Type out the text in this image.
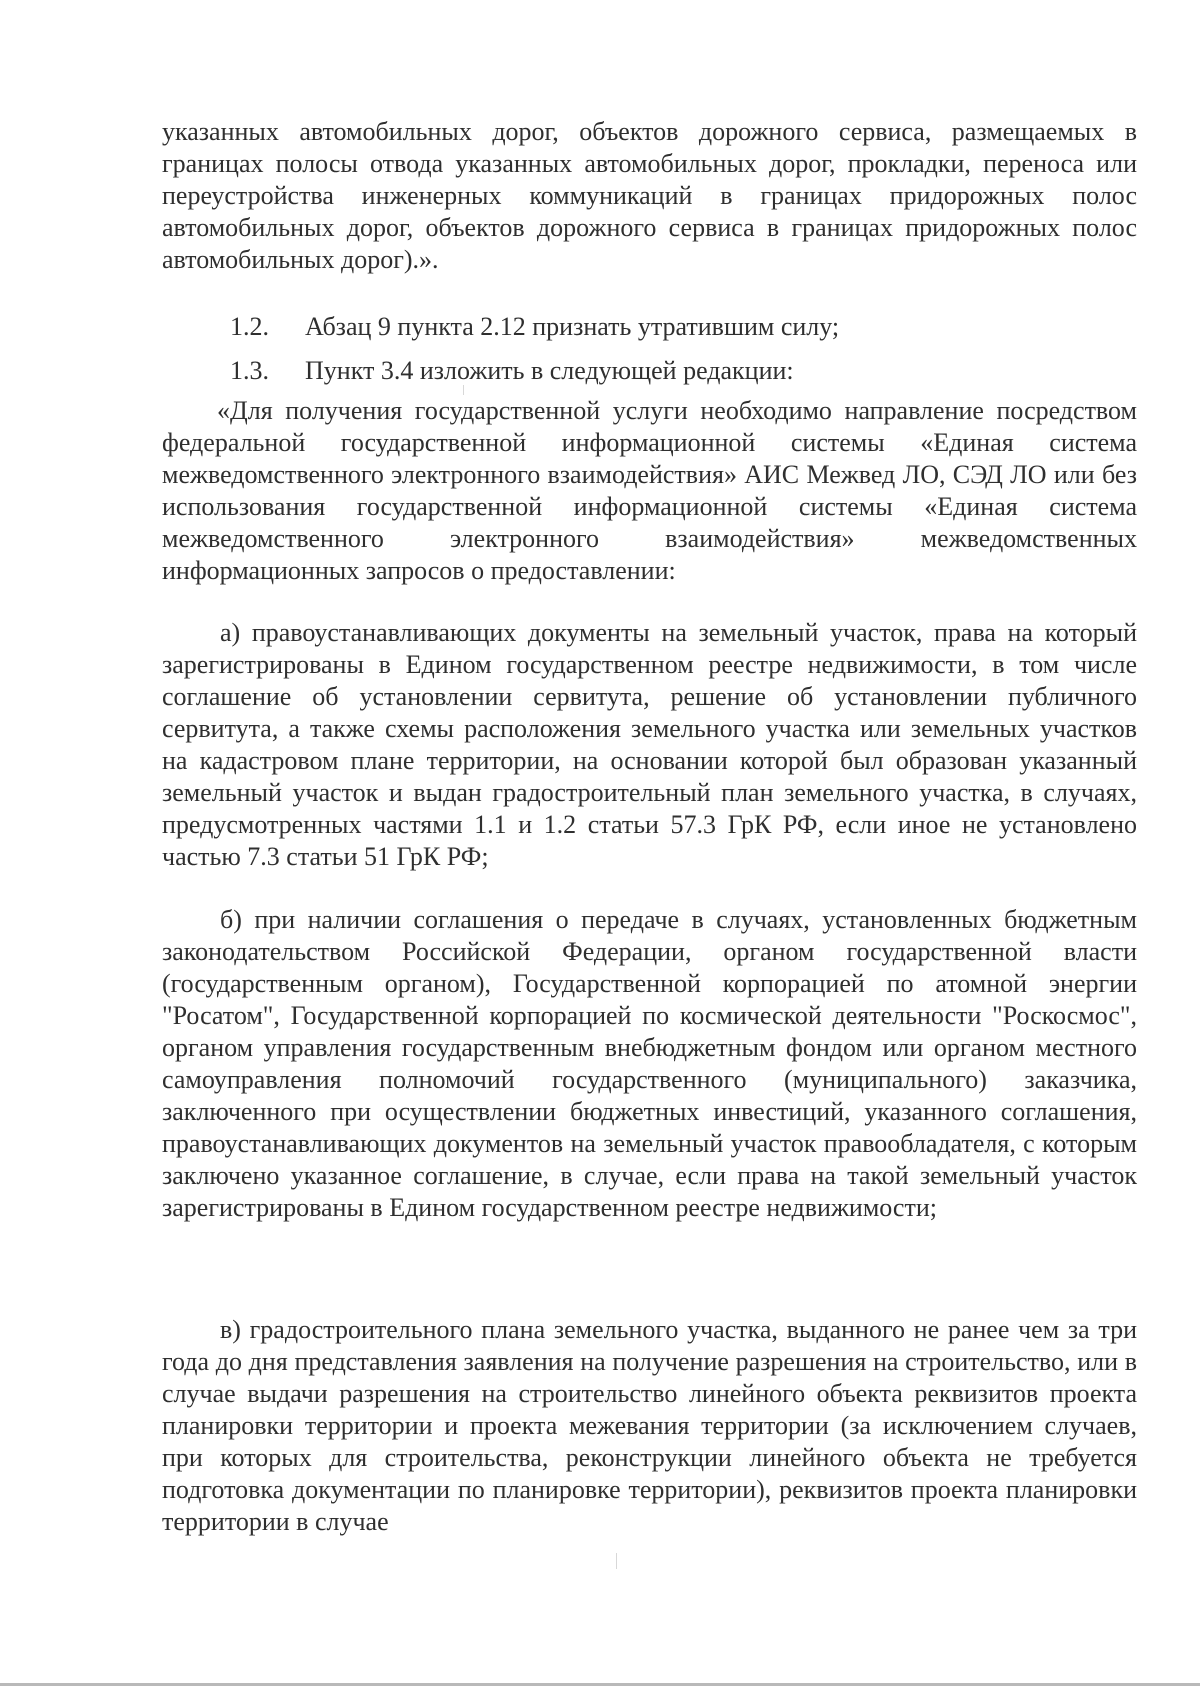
указанных автомобильных дорог, объектов дорожного сервиса, размещаемых в границах полосы отвода указанных автомобильных дорог, прокладки, переноса или переустройства инженерных коммуникаций в границах придорожных полос автомобильных дорог, объектов дорожного сервиса в границах придорожных полос автомобильных дорог).».

1.2. Абзац 9 пункта 2.12 признать утратившим силу;
1.3. Пункт 3.4 изложить в следующей редакции:

«Для получения государственной услуги необходимо направление посредством федеральной государственной информационной системы «Единая система межведомственного электронного взаимодействия» АИС Межвед ЛО, СЭД ЛО или без использования государственной информационной системы «Единая система межведомственного электронного взаимодействия» межведомственных информационных запросов о предоставлении:

а) правоустанавливающих документы на земельный участок, права на который зарегистрированы в Едином государственном реестре недвижимости, в том числе соглашение об установлении сервитута, решение об установлении публичного сервитута, а также схемы расположения земельного участка или земельных участков на кадастровом плане территории, на основании которой был образован указанный земельный участок и выдан градостроительный план земельного участка, в случаях, предусмотренных частями 1.1 и 1.2 статьи 57.3 ГрК РФ, если иное не установлено частью 7.3 статьи 51 ГрК РФ;

б) при наличии соглашения о передаче в случаях, установленных бюджетным законодательством Российской Федерации, органом государственной власти (государственным органом), Государственной корпорацией по атомной энергии "Росатом", Государственной корпорацией по космической деятельности "Роскосмос", органом управления государственным внебюджетным фондом или органом местного самоуправления полномочий государственного (муниципального) заказчика, заключенного при осуществлении бюджетных инвестиций, указанного соглашения, правоустанавливающих документов на земельный участок правообладателя, с которым заключено указанное соглашение, в случае, если права на такой земельный участок зарегистрированы в Едином государственном реестре недвижимости;

в) градостроительного плана земельного участка, выданного не ранее чем за три года до дня представления заявления на получение разрешения на строительство, или в случае выдачи разрешения на строительство линейного объекта реквизитов проекта планировки территории и проекта межевания территории (за исключением случаев, при которых для строительства, реконструкции линейного объекта не требуется подготовка документации по планировке территории), реквизитов проекта планировки территории в случае
